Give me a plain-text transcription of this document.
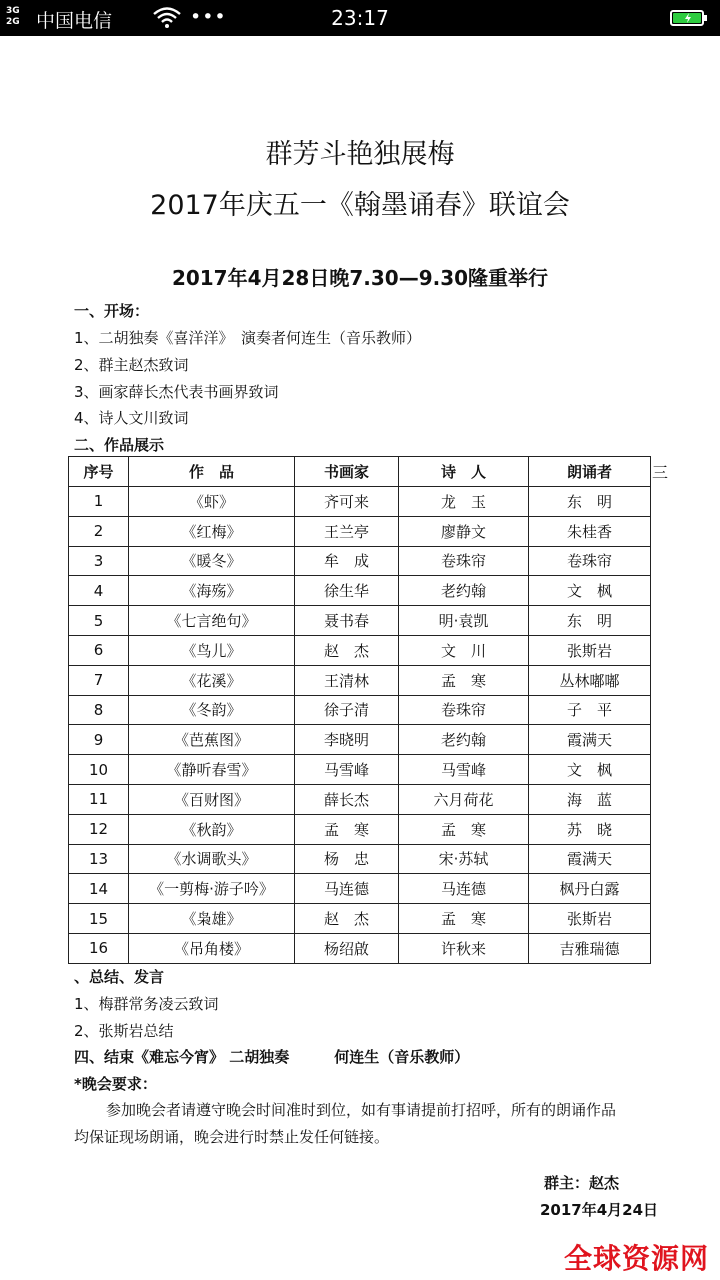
3G
2G 中国电信	•••	23:17
群芳斗艳独展梅
2017年庆五一《翰墨诵春》联谊会
2017年4月28日晚7.30—9.30隆重举行
一、开场：
1、二胡独奏《喜洋洋》　演奏者何连生（音乐教师）
2、群主赵杰致词
3、画家薛长杰代表书画界致词
4、诗人文川致词
二、作品展示
序号	作　品	书画家	诗　人	朗诵者
1	《虾》	齐可来	龙　玉	东　明
2	《红梅》	王兰亭	廖静文	朱桂香
3	《暖冬》	牟　成	卷珠帘	卷珠帘
4	《海殇》	徐生华	老约翰	文　枫
5	《七言绝句》	聂书春	明·袁凯	东　明
6	《鸟儿》	赵　杰	文　川	张斯岩
7	《花溪》	王清林	孟　寒	丛林嘟嘟
8	《冬韵》	徐子清	卷珠帘	子　平
9	《芭蕉图》	李晓明	老约翰	霞满天
10	《静听春雪》	马雪峰	马雪峰	文　枫
11	《百财图》	薛长杰	六月荷花	海　蓝
12	《秋韵》	孟　寒	孟　寒	苏　晓
13	《水调歌头》	杨　忠	宋·苏轼	霞满天
14	《一剪梅·游子吟》	马连德	马连德	枫丹白露
15	《枭雄》	赵　杰	孟　寒	张斯岩
16	《吊角楼》	杨绍啟	许秋来	吉雅瑞德
三
、总结、发言
1、梅群常务凌云致词
2、张斯岩总结
四、结束《难忘今宵》 二胡独奏　　　何连生（音乐教师）
*晚会要求：
参加晚会者请遵守晚会时间准时到位，如有事请提前打招呼，所有的朗诵作品
均保证现场朗诵，晚会进行时禁止发任何链接。
群主：赵杰
2017年4月24日
全球资源网
